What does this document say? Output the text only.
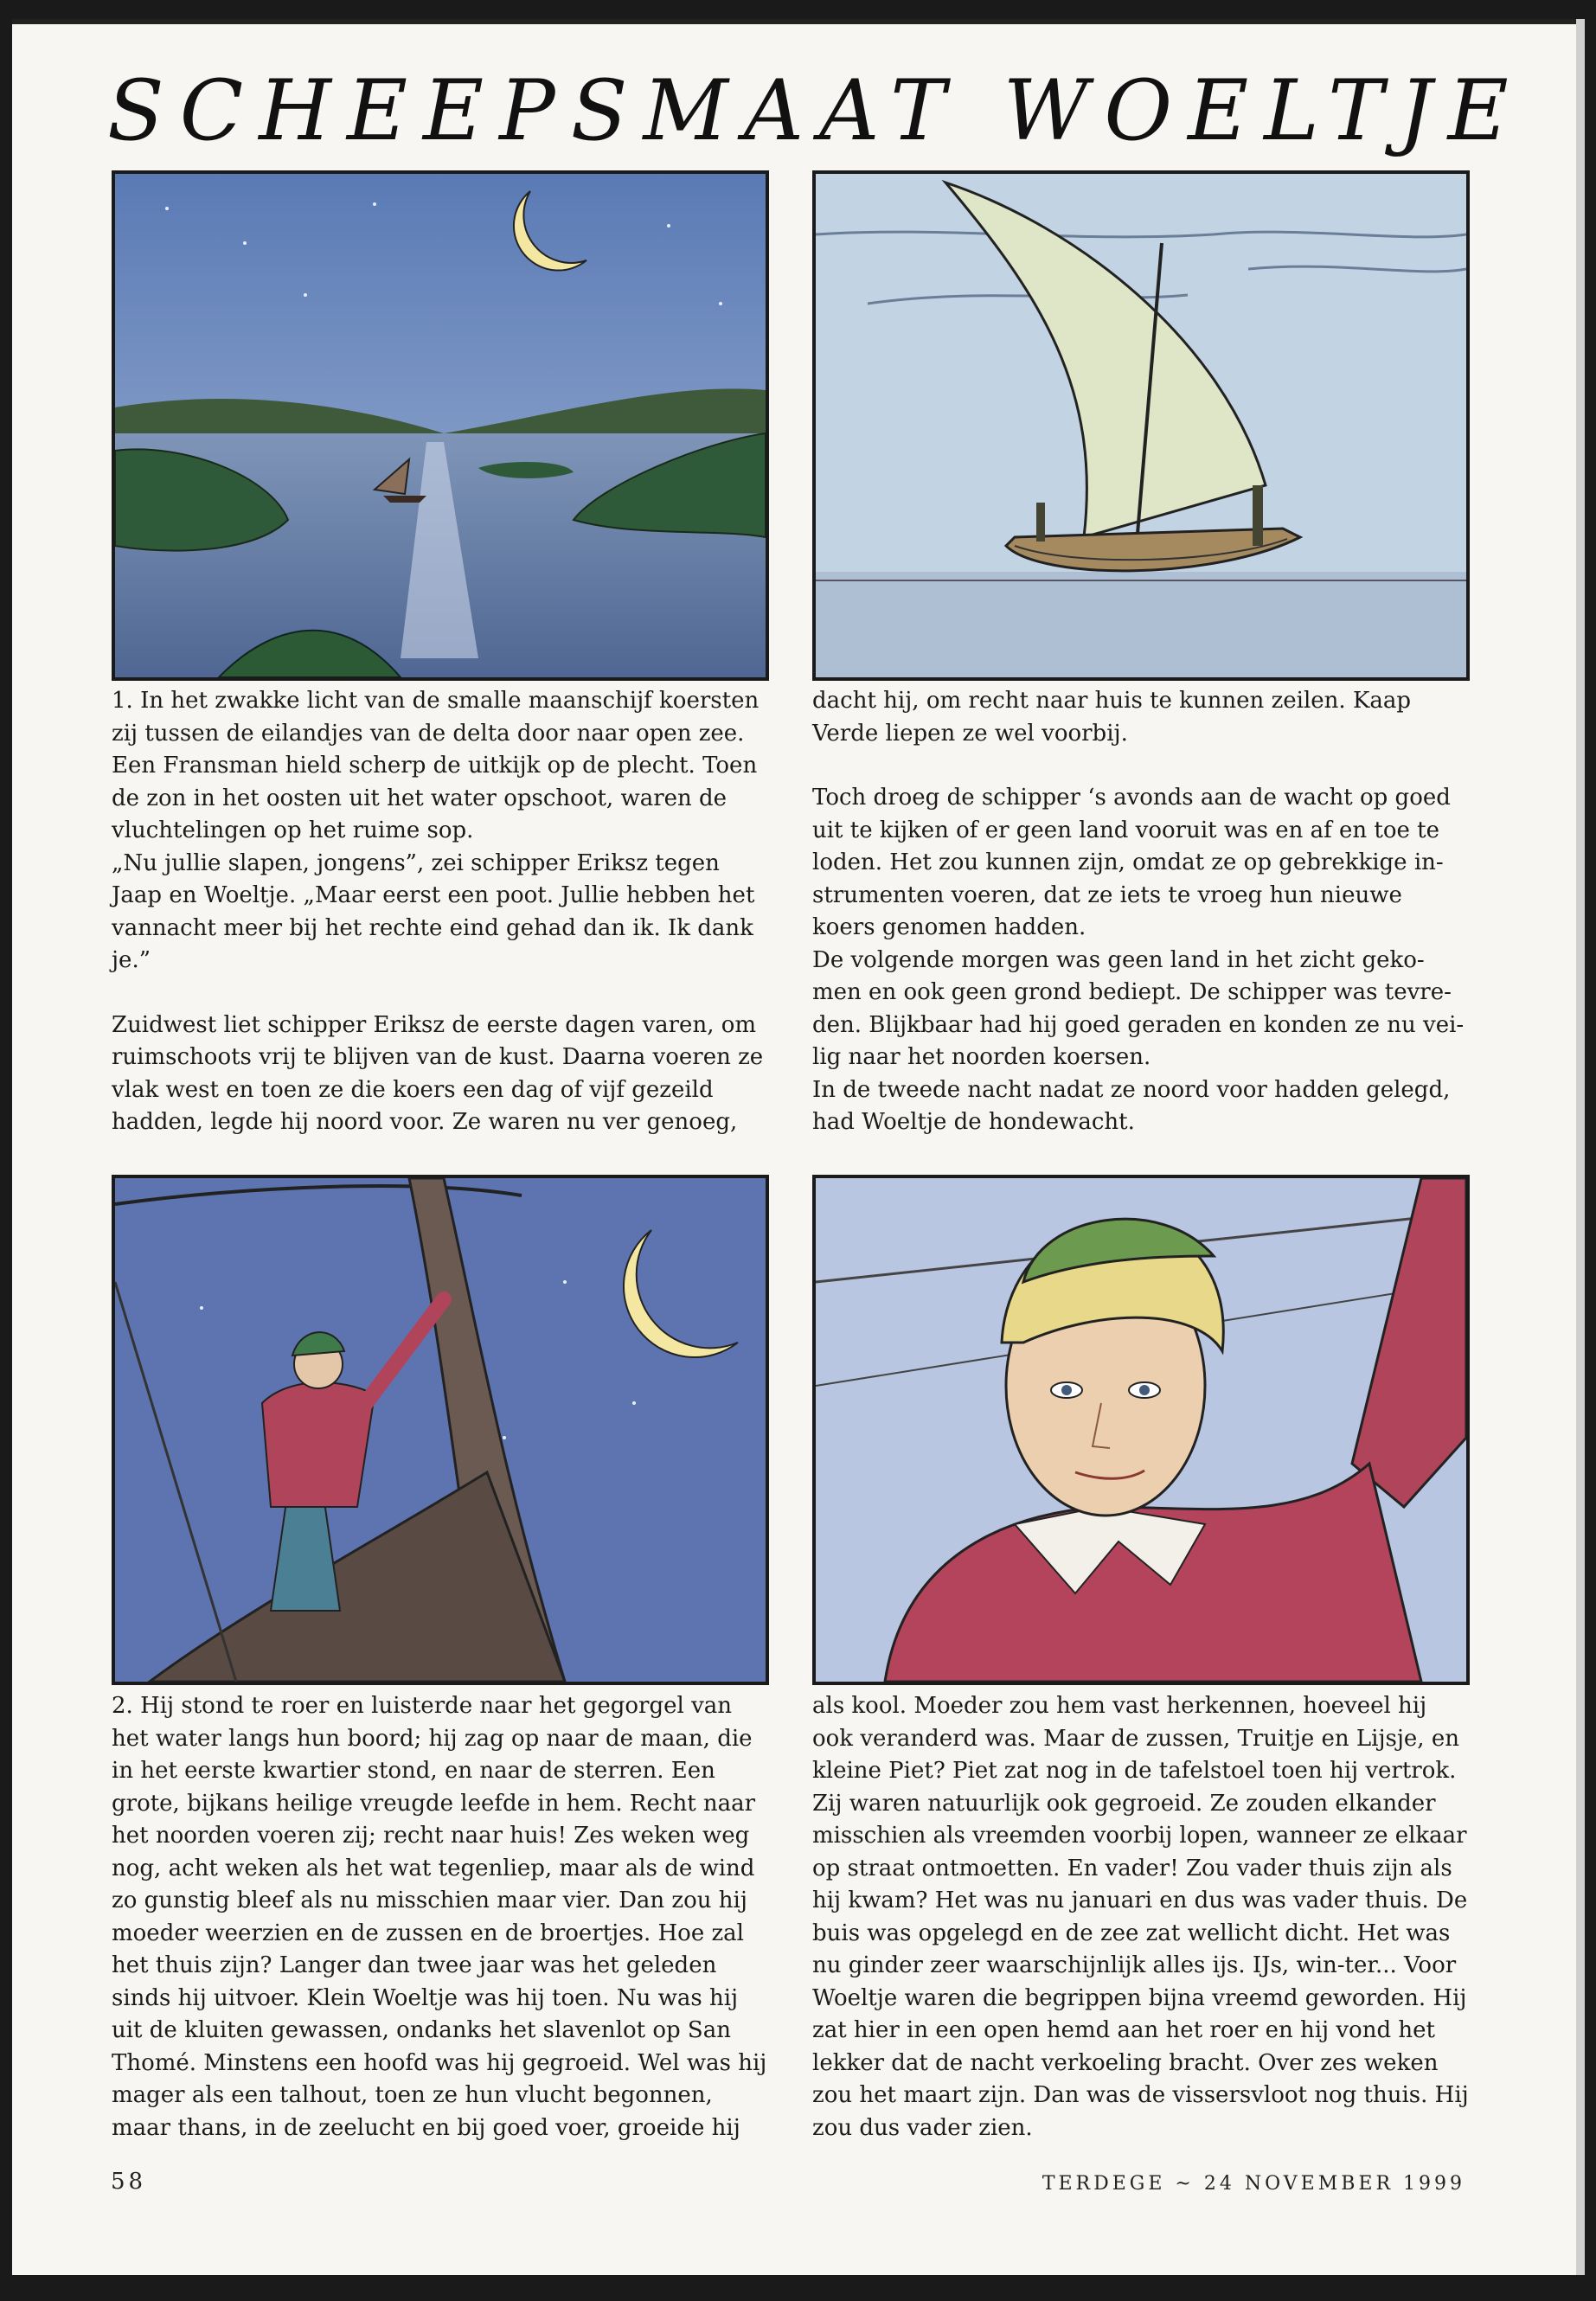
SCHEEPSMAAT WOELTJE

1. In het zwakke licht van de smalle maanschijf koersten zij tussen de eilandjes van de delta door naar open zee. Een Fransman hield scherp de uitkijk op de plecht. Toen de zon in het oosten uit het water opschoot, waren de vluchtelingen op het ruime sop.
„Nu jullie slapen, jongens”, zei schipper Eriksz tegen Jaap en Woeltje. „Maar eerst een poot. Jullie hebben het vannacht meer bij het rechte eind gehad dan ik. Ik dank je.”

Zuidwest liet schipper Eriksz de eerste dagen varen, om ruimschoots vrij te blijven van de kust. Daarna voeren ze vlak west en toen ze die koers een dag of vijf gezeild hadden, legde hij noord voor. Ze waren nu ver genoeg,

dacht hij, om recht naar huis te kunnen zeilen. Kaap Verde liepen ze wel voorbij.

Toch droeg de schipper ‘s avonds aan de wacht op goed uit te kijken of er geen land vooruit was en af en toe te loden. Het zou kunnen zijn, omdat ze op gebrekkige in-strumenten voeren, dat ze iets te vroeg hun nieuwe koers genomen hadden.
De volgende morgen was geen land in het zicht geko-men en ook geen grond bediept. De schipper was tevre-den. Blijkbaar had hij goed geraden en konden ze nu vei-lig naar het noorden koersen.
In de tweede nacht nadat ze noord voor hadden gelegd, had Woeltje de hondewacht.

2. Hij stond te roer en luisterde naar het gegorgel van het water langs hun boord; hij zag op naar de maan, die in het eerste kwartier stond, en naar de sterren. Een grote, bijkans heilige vreugde leefde in hem. Recht naar het noorden voeren zij; recht naar huis! Zes weken weg nog, acht weken als het wat tegenliep, maar als de wind zo gunstig bleef als nu misschien maar vier. Dan zou hij moeder weerzien en de zussen en de broertjes. Hoe zal het thuis zijn? Langer dan twee jaar was het geleden sinds hij uitvoer. Klein Woeltje was hij toen. Nu was hij uit de kluiten gewassen, ondanks het slavenlot op San Thomé. Minstens een hoofd was hij gegroeid. Wel was hij mager als een talhout, toen ze hun vlucht begonnen, maar thans, in de zeelucht en bij goed voer, groeide hij

als kool. Moeder zou hem vast herkennen, hoeveel hij ook veranderd was. Maar de zussen, Truitje en Lijsje, en kleine Piet? Piet zat nog in de tafelstoel toen hij vertrok. Zij waren natuurlijk ook gegroeid. Ze zouden elkander misschien als vreemden voorbij lopen, wanneer ze elkaar op straat ontmoetten. En vader! Zou vader thuis zijn als hij kwam? Het was nu januari en dus was vader thuis. De buis was opgelegd en de zee zat wellicht dicht. Het was nu ginder zeer waarschijnlijk alles ijs. IJs, win-ter... Voor Woeltje waren die begrippen bijna vreemd geworden. Hij zat hier in een open hemd aan het roer en hij vond het lekker dat de nacht verkoeling bracht. Over zes weken zou het maart zijn. Dan was de vissersvloot nog thuis. Hij zou dus vader zien.

58	TERDEGE ~ 24 NOVEMBER 1999
